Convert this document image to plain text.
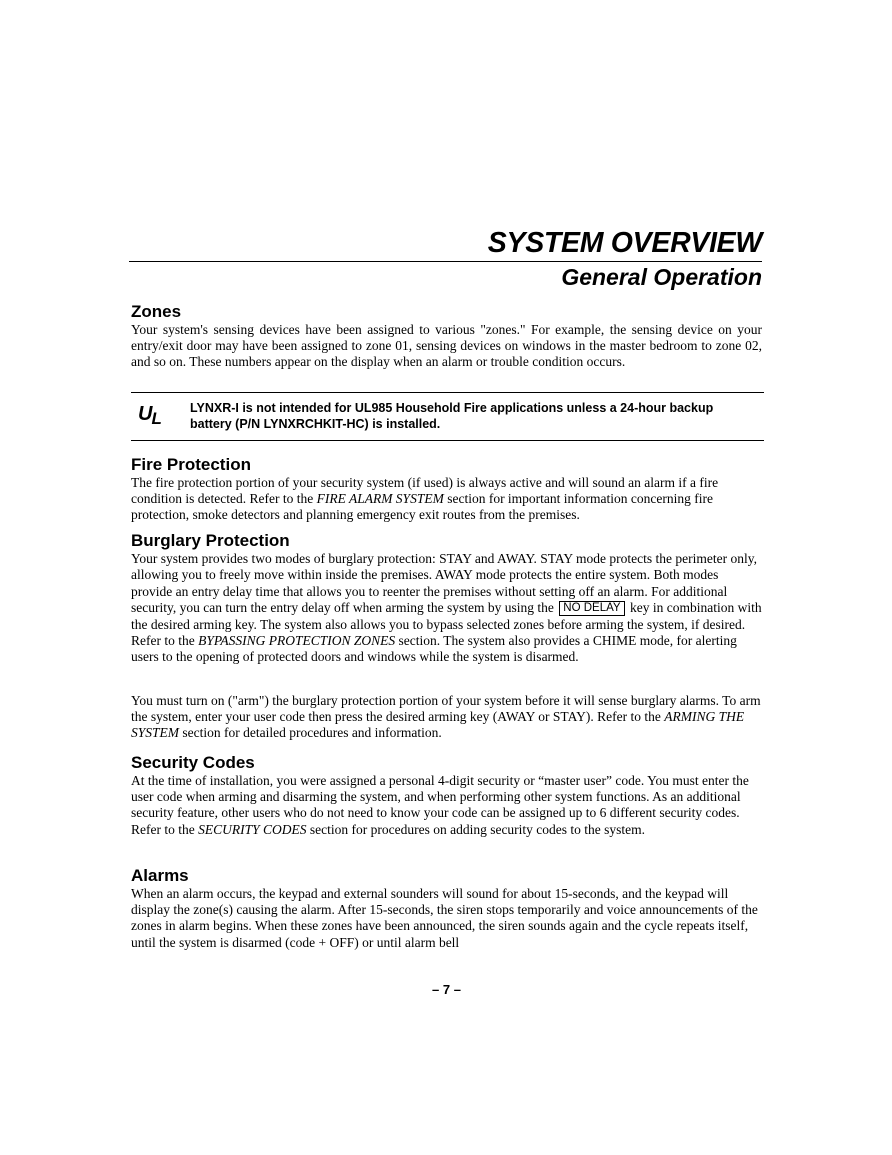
SYSTEM OVERVIEW
General Operation
Zones

Your system's sensing devices have been assigned to various "zones." For example, the sensing device on your entry/exit door may have been assigned to zone 01, sensing devices on windows in the master bedroom to zone 02, and so on. These numbers appear on the display when an alarm or trouble condition occurs.

$U_L$

LYNXR-I is not intended for UL985 Household Fire applications unless a 24-hour backup battery (P/N LYNXRCHKIT-HC) is installed.

Fire Protection

The fire protection portion of your security system (if used) is always active and will sound an alarm if a fire condition is detected. Refer to the FIRE ALARM SYSTEM section for important information concerning fire protection, smoke detectors and planning emergency exit routes from the premises.

Burglary Protection

Your system provides two modes of burglary protection: STAY and AWAY. STAY mode protects the perimeter only, allowing you to freely move within inside the premises. AWAY mode protects the entire system. Both modes provide an entry delay time that allows you to reenter the premises without setting off an alarm. For additional security, you can turn the entry delay off when arming the system by using the NO DELAY key in combination with the desired arming key. The system also allows you to bypass selected zones before arming the system, if desired. Refer to the BYPASSING PROTECTION ZONES section. The system also provides a CHIME mode, for alerting users to the opening of protected doors and windows while the system is disarmed.

You must turn on ("arm") the burglary protection portion of your system before it will sense burglary alarms. To arm the system, enter your user code then press the desired arming key (AWAY or STAY). Refer to the ARMING THE SYSTEM section for detailed procedures and information.

Security Codes

At the time of installation, you were assigned a personal 4-digit security or “master user” code. You must enter the user code when arming and disarming the system, and when performing other system functions. As an additional security feature, other users who do not need to know your code can be assigned up to 6 different security codes. Refer to the SECURITY CODES section for procedures on adding security codes to the system.

Alarms

When an alarm occurs, the keypad and external sounders will sound for about 15-seconds, and the keypad will display the zone(s) causing the alarm. After 15-seconds, the siren stops temporarily and voice announcements of the zones in alarm begins. When these zones have been announced, the siren sounds again and the cycle repeats itself, until the system is disarmed (code + OFF) or until alarm bell

– 7 –
